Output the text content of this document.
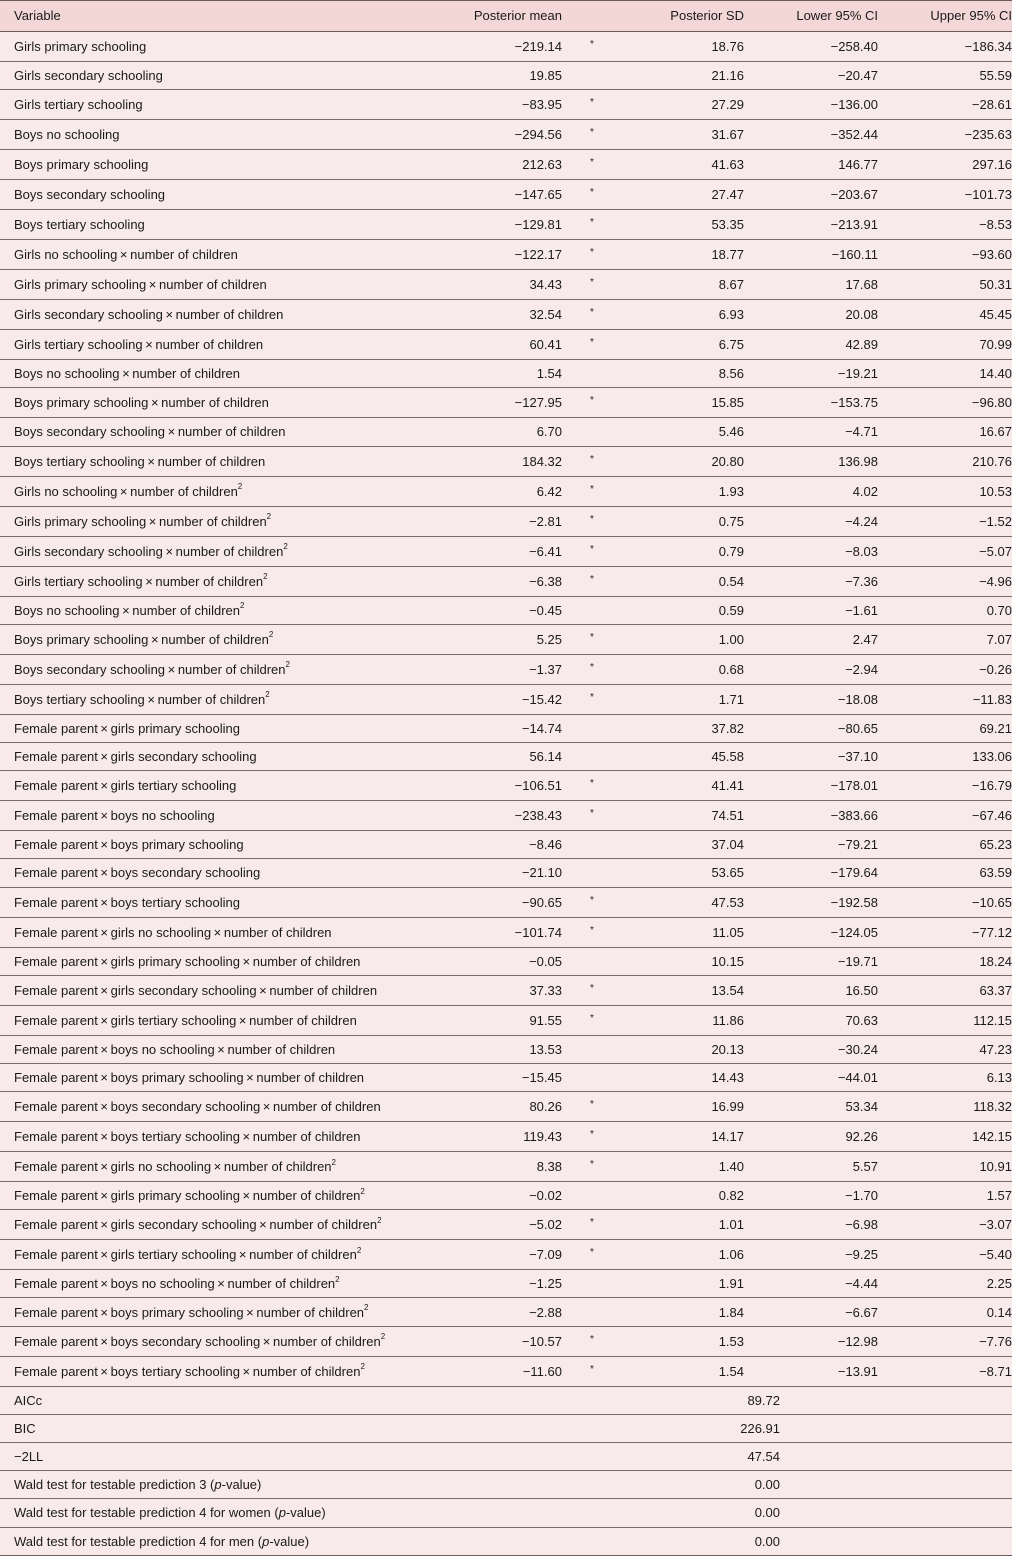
Variable	Posterior mean		Posterior SD	Lower 95% CI	Upper 95% CI
Girls primary schooling	−219.14	*	18.76	−258.40	−186.34
Girls secondary schooling	19.85		21.16	−20.47	55.59
Girls tertiary schooling	−83.95	*	27.29	−136.00	−28.61
Boys no schooling	−294.56	*	31.67	−352.44	−235.63
Boys primary schooling	212.63	*	41.63	146.77	297.16
Boys secondary schooling	−147.65	*	27.47	−203.67	−101.73
Boys tertiary schooling	−129.81	*	53.35	−213.91	−8.53
Girls no schooling × number of children	−122.17	*	18.77	−160.11	−93.60
Girls primary schooling × number of children	34.43	*	8.67	17.68	50.31
Girls secondary schooling × number of children	32.54	*	6.93	20.08	45.45
Girls tertiary schooling × number of children	60.41	*	6.75	42.89	70.99
Boys no schooling × number of children	1.54		8.56	−19.21	14.40
Boys primary schooling × number of children	−127.95	*	15.85	−153.75	−96.80
Boys secondary schooling × number of children	6.70		5.46	−4.71	16.67
Boys tertiary schooling × number of children	184.32	*	20.80	136.98	210.76
Girls no schooling × number of children$^2$	6.42	*	1.93	4.02	10.53
Girls primary schooling × number of children$^2$	−2.81	*	0.75	−4.24	−1.52
Girls secondary schooling × number of children$^2$	−6.41	*	0.79	−8.03	−5.07
Girls tertiary schooling × number of children$^2$	−6.38	*	0.54	−7.36	−4.96
Boys no schooling × number of children$^2$	−0.45		0.59	−1.61	0.70
Boys primary schooling × number of children$^2$	5.25	*	1.00	2.47	7.07
Boys secondary schooling × number of children$^2$	−1.37	*	0.68	−2.94	−0.26
Boys tertiary schooling × number of children$^2$	−15.42	*	1.71	−18.08	−11.83
Female parent × girls primary schooling	−14.74		37.82	−80.65	69.21
Female parent × girls secondary schooling	56.14		45.58	−37.10	133.06
Female parent × girls tertiary schooling	−106.51	*	41.41	−178.01	−16.79
Female parent × boys no schooling	−238.43	*	74.51	−383.66	−67.46
Female parent × boys primary schooling	−8.46		37.04	−79.21	65.23
Female parent × boys secondary schooling	−21.10		53.65	−179.64	63.59
Female parent × boys tertiary schooling	−90.65	*	47.53	−192.58	−10.65
Female parent × girls no schooling × number of children	−101.74	*	11.05	−124.05	−77.12
Female parent × girls primary schooling × number of children	−0.05		10.15	−19.71	18.24
Female parent × girls secondary schooling × number of children	37.33	*	13.54	16.50	63.37
Female parent × girls tertiary schooling × number of children	91.55	*	11.86	70.63	112.15
Female parent × boys no schooling × number of children	13.53		20.13	−30.24	47.23
Female parent × boys primary schooling × number of children	−15.45		14.43	−44.01	6.13
Female parent × boys secondary schooling × number of children	80.26	*	16.99	53.34	118.32
Female parent × boys tertiary schooling × number of children	119.43	*	14.17	92.26	142.15
Female parent × girls no schooling × number of children$^2$	8.38	*	1.40	5.57	10.91
Female parent × girls primary schooling × number of children$^2$	−0.02		0.82	−1.70	1.57
Female parent × girls secondary schooling × number of children$^2$	−5.02	*	1.01	−6.98	−3.07
Female parent × girls tertiary schooling × number of children$^2$	−7.09	*	1.06	−9.25	−5.40
Female parent × boys no schooling × number of children$^2$	−1.25		1.91	−4.44	2.25
Female parent × boys primary schooling × number of children$^2$	−2.88		1.84	−6.67	0.14
Female parent × boys secondary schooling × number of children$^2$	−10.57	*	1.53	−12.98	−7.76
Female parent × boys tertiary schooling × number of children$^2$	−11.60	*	1.54	−13.91	−8.71
AICc			89.72		
BIC			226.91		
−2LL			47.54		
Wald test for testable prediction 3 (p-value)			0.00		
Wald test for testable prediction 4 for women (p-value)			0.00		
Wald test for testable prediction 4 for men (p-value)			0.00		
